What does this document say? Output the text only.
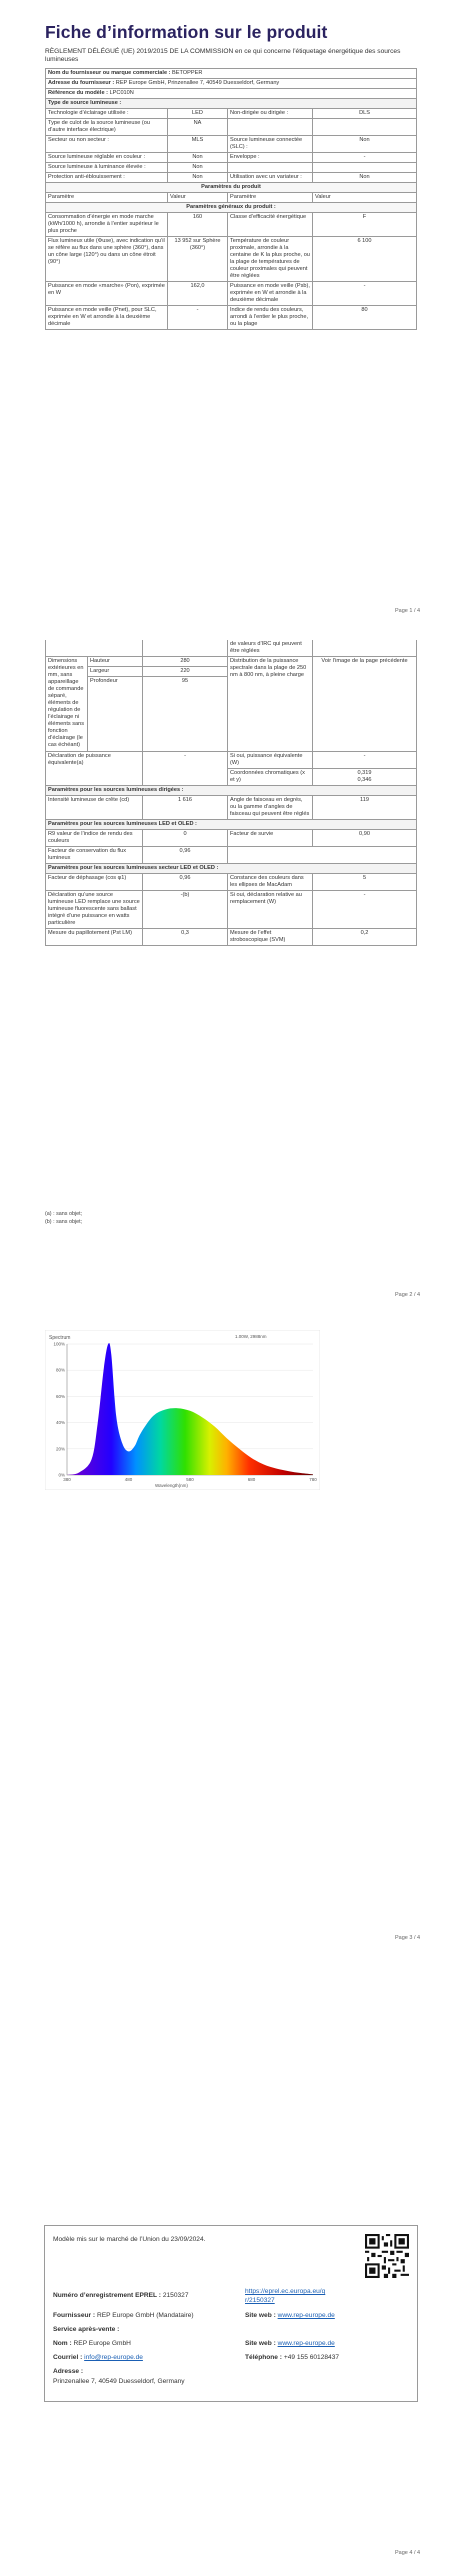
Fiche d’information sur le produit
RÈGLEMENT DÉLÉGUÉ (UE) 2019/2015 DE LA COMMISSION en ce qui concerne l’étiquetage énergétique des sources lumineuses
Nom du fournisseur ou marque commerciale : BETOPPER			
Adresse du fournisseur : REP Europe GmbH, Prinzenallee 7, 40549 Duesseldorf, Germany			
Référence du modèle : LPC010N			
Type de source lumineuse :			
Technologie d’éclairage utilisée :	LED	Non-dirigée ou dirigée :	DLS
Type de culot de la source lumineuse (ou d’autre interface électrique)	NA		
Secteur ou non secteur :	MLS	Source lumineuse connectée (SLC) :	Non
Source lumineuse réglable en couleur :	Non	Enveloppe :	-
Source lumineuse à luminance élevée :	Non		
Protection anti-éblouissement :	Non	Utilisation avec un variateur :	Non
Paramètres du produit			
Paramètre	Valeur	Paramètre	Valeur
Paramètres généraux du produit :			
Consommation d’énergie en mode marche (kWh/1000 h), arrondie à l’entier supérieur le plus proche	160	Classe d’efficacité énergétique	F
Flux lumineux utile (Φuse), avec indication qu’il se réfère au flux dans une sphère (360°), dans un cône large (120°) ou dans un cône étroit (90°)	13 952 sur Sphère (360°)	Température de couleur proximale, arrondie à la centaine de K la plus proche, ou la plage de températures de couleur proximales qui peuvent être réglées	6 100
Puissance en mode «marche» (Pon), exprimée en W	162,0	Puissance en mode veille (Psb), exprimée en W et arrondie à la deuxième décimale	-
Puissance en mode veille (Pnet), pour SLC, exprimée en W et arrondie à la deuxième décimale	-	Indice de rendu des couleurs, arrondi à l’entier le plus proche, ou la plage	80
Page 1 / 4
			de valeurs d’IRC qui peuvent être réglées	
Dimensions extérieures en mm, sans appareillage de commande séparé, éléments de régulation de l’éclairage ni éléments sans fonction d’éclairage (le cas échéant)	Hauteur	280	Distribution de la puissance spectrale dans la plage de 250 nm à 800 nm, à pleine charge	Voir l’image de la page précédente
	Largeur	220		
	Profondeur	95		
Déclaration de puissance équivalente(a)		-	Si oui, puissance équivalente (W)	-
			Coordonnées chromatiques (x et y)	0,319
0,346
Paramètres pour les sources lumineuses dirigées :				
Intensité lumineuse de crête (cd)		1 616	Angle de faisceau en degrés, ou la gamme d’angles de faisceau qui peuvent être réglés	119
Paramètres pour les sources lumineuses LED et OLED :				
R9 valeur de l’indice de rendu des couleurs		0	Facteur de survie	0,90
Facteur de conservation du flux lumineux		0,96		
Paramètres pour les sources lumineuses secteur LED et OLED :				
Facteur de déphasage (cos φ1)		0,96	Constance des couleurs dans les ellipses de MacAdam	5
Déclaration qu’une source lumineuse LED remplace une source lumineuse fluorescente sans ballast intégré d’une puissance en watts particulière		-(b)	Si oui, déclaration relative au remplacement (W)	-
Mesure du papillotement (Pst LM)		0,3	Mesure de l’effet stroboscopique (SVM)	0,2
(a) : sans objet;
(b) : sans objet;
Page 2 / 4
0%
20%
40%
60%
80%
100%
380	480	580	680	780
Spectrum	1.00W, 2988nm
Wavelength(nm)
Page 3 / 4
Modèle mis sur le marché de l’Union du 23/09/2024.
Numéro d’enregistrement EPREL : 2150327
https://eprel.ec.europa.eu/qr/2150327
Fournisseur : REP Europe GmbH (Mandataire)	Site web : www.rep-europe.de
Service après-vente :
Nom : REP Europe GmbH	Site web : www.rep-europe.de
Courriel : info@rep-europe.de	Téléphone : +49 155 60128437
Adresse :
Prinzenallee 7, 40549 Duesseldorf, Germany
Page 4 / 4
